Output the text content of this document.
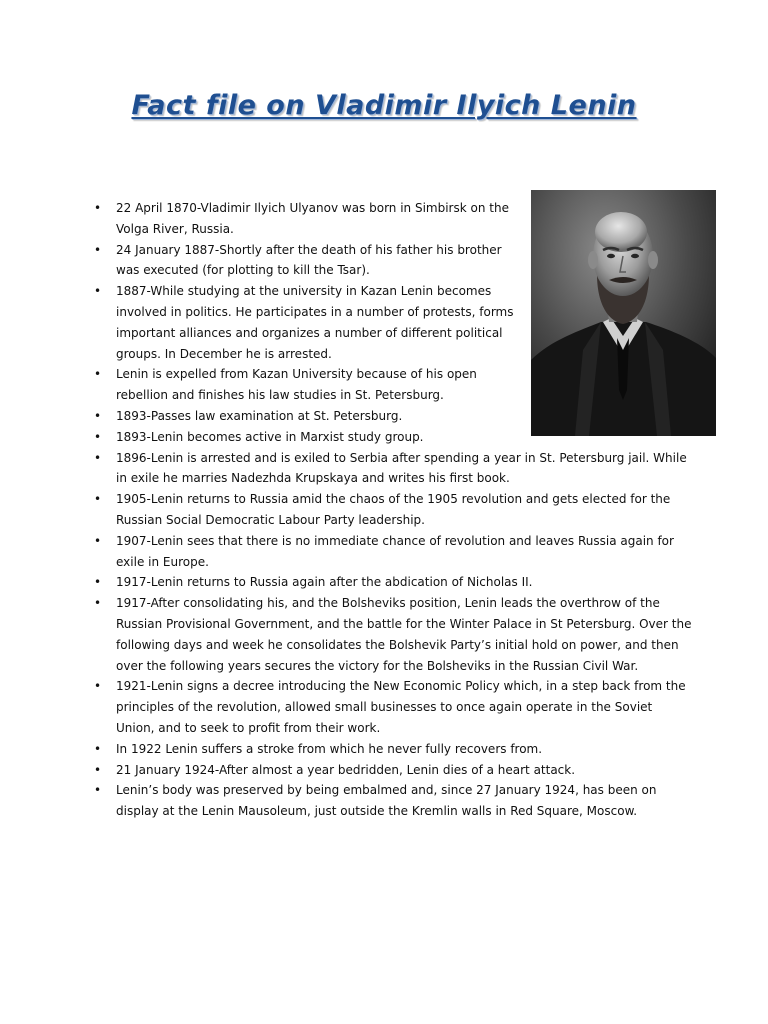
Fact file on Vladimir Ilyich Lenin
• 22 April 1870-Vladimir Ilyich Ulyanov was born in Simbirsk on the Volga River, Russia.
• 24 January 1887-Shortly after the death of his father his brother was executed (for plotting to kill the Tsar).
• 1887-While studying at the university in Kazan Lenin becomes involved in politics. He participates in a number of protests, forms important alliances and organizes a number of different political groups. In December he is arrested.
• Lenin is expelled from Kazan University because of his open rebellion and finishes his law studies in St. Petersburg.
• 1893-Passes law examination at St. Petersburg.
• 1893-Lenin becomes active in Marxist study group.
• 1896-Lenin is arrested and is exiled to Serbia after spending a year in St. Petersburg jail. While in exile he marries Nadezhda Krupskaya and writes his first book.
• 1905-Lenin returns to Russia amid the chaos of the 1905 revolution and gets elected for the Russian Social Democratic Labour Party leadership.
• 1907-Lenin sees that there is no immediate chance of revolution and leaves Russia again for exile in Europe.
• 1917-Lenin returns to Russia again after the abdication of Nicholas II.
• 1917-After consolidating his, and the Bolsheviks position, Lenin leads the overthrow of the Russian Provisional Government, and the battle for the Winter Palace in St Petersburg. Over the following days and week he consolidates the Bolshevik Party’s initial hold on power, and then over the following years secures the victory for the Bolsheviks in the Russian Civil War.
• 1921-Lenin signs a decree introducing the New Economic Policy which, in a step back from the principles of the revolution, allowed small businesses to once again operate in the Soviet Union, and to seek to profit from their work.
• In 1922 Lenin suffers a stroke from which he never fully recovers from.
• 21 January 1924-After almost a year bedridden, Lenin dies of a heart attack.
• Lenin’s body was preserved by being embalmed and, since 27 January 1924, has been on display at the Lenin Mausoleum, just outside the Kremlin walls in Red Square, Moscow.
